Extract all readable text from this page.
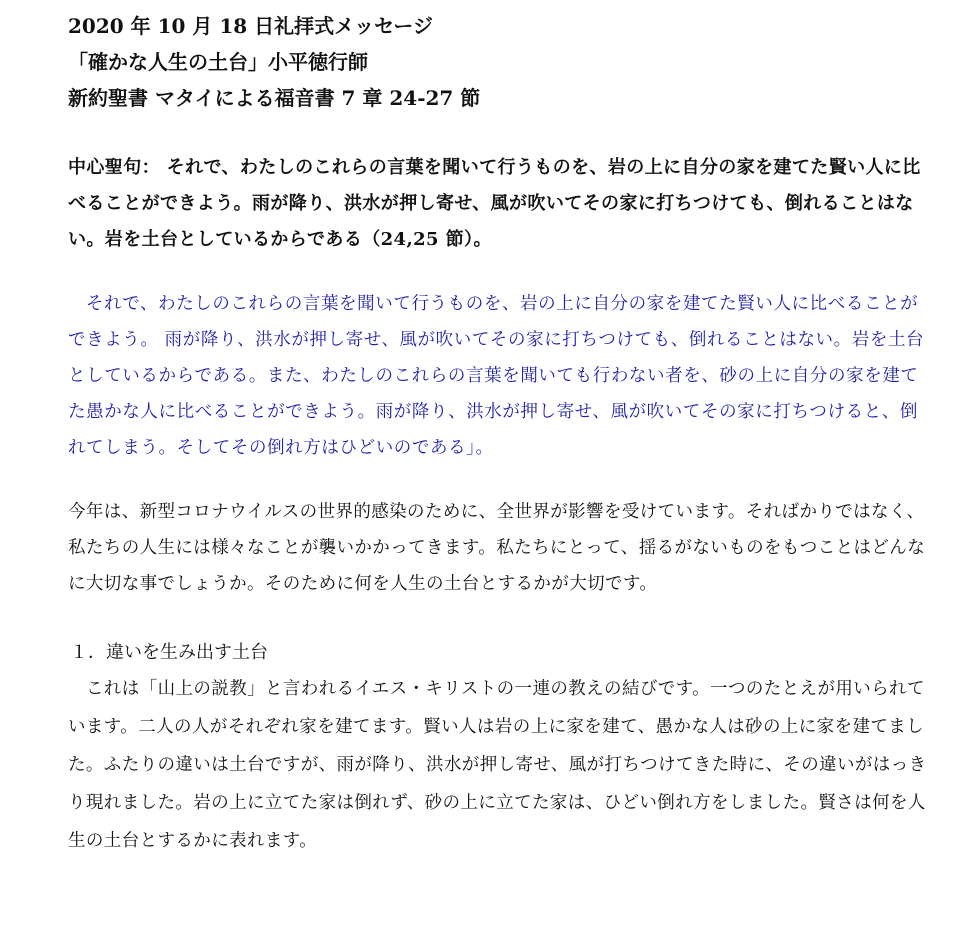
2020 年 10 月 18 日礼拝式メッセージ
「確かな人生の土台」小平徳行師
新約聖書 マタイによる福音書 7 章 24-27 節
中心聖句： それで、わたしのこれらの言葉を聞いて行うものを、岩の上に自分の家を建てた賢い人に比べることができよう。雨が降り、洪水が押し寄せ、風が吹いてその家に打ちつけても、倒れることはない。岩を土台としているからである（24,25 節）。
それで、わたしのこれらの言葉を聞いて行うものを、岩の上に自分の家を建てた賢い人に比べることができよう。 雨が降り、洪水が押し寄せ、風が吹いてその家に打ちつけても、倒れることはない。岩を土台としているからである。また、わたしのこれらの言葉を聞いても行わない者を、砂の上に自分の家を建てた愚かな人に比べることができよう。雨が降り、洪水が押し寄せ、風が吹いてその家に打ちつけると、倒れてしまう。そしてその倒れ方はひどいのである」。
今年は、新型コロナウイルスの世界的感染のために、全世界が影響を受けています。そればかりではなく、私たちの人生には様々なことが襲いかかってきます。私たちにとって、揺るがないものをもつことはどんなに大切な事でしょうか。そのために何を人生の土台とするかが大切です。
１．違いを生み出す土台
これは「山上の説教」と言われるイエス・キリストの一連の教えの結びです。一つのたとえが用いられています。二人の人がそれぞれ家を建てます。賢い人は岩の上に家を建て、愚かな人は砂の上に家を建てました。ふたりの違いは土台ですが、雨が降り、洪水が押し寄せ、風が打ちつけてきた時に、その違いがはっきり現れました。岩の上に立てた家は倒れず、砂の上に立てた家は、ひどい倒れ方をしました。賢さは何を人生の土台とするかに表れます。
